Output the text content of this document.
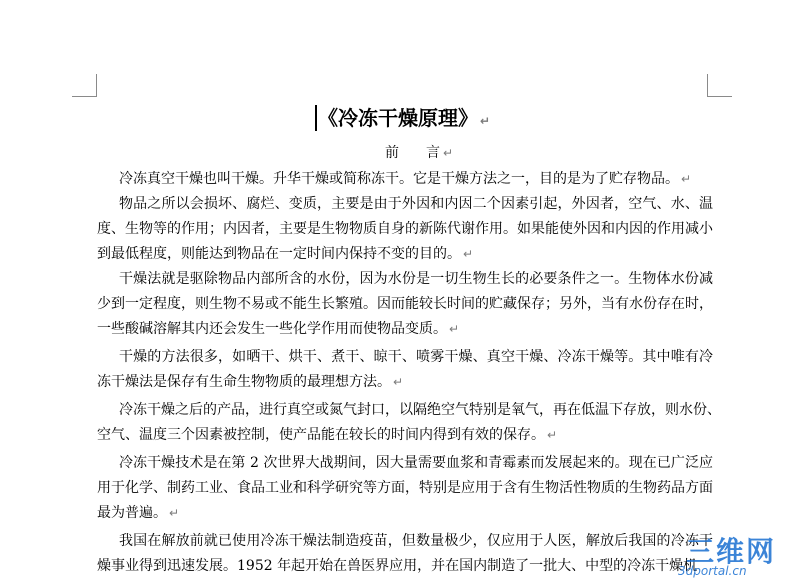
《冷冻干燥原理》 ↵
前 言 ↵
冷冻真空干燥也叫干燥。升华干燥或简称冻干。它是干燥方法之一，目的是为了贮存物品。 ↵
物品之所以会损坏、腐烂、变质，主要是由于外因和内因二个因素引起，外因者，空气、水、温
度、生物等的作用；内因者，主要是生物物质自身的新陈代谢作用。如果能使外因和内因的作用减小
到最低程度，则能达到物品在一定时间内保持不变的目的。 ↵
干燥法就是驱除物品内部所含的水份，因为水份是一切生物生长的必要条件之一。生物体水份减
少到一定程度，则生物不易或不能生长繁殖。因而能较长时间的贮藏保存；另外，当有水份存在时，
一些酸碱溶解其内还会发生一些化学作用而使物品变质。 ↵
干燥的方法很多，如晒干、烘干、煮干、晾干、喷雾干燥、真空干燥、冷冻干燥等。其中唯有冷
冻干燥法是保存有生命生物物质的最理想方法。 ↵
冷冻干燥之后的产品，进行真空或氮气封口，以隔绝空气特别是氧气，再在低温下存放，则水份、
空气、温度三个因素被控制，使产品能在较长的时间内得到有效的保存。 ↵
冷冻干燥技术是在第 2 次世界大战期间，因大量需要血浆和青霉素而发展起来的。现在已广泛应
用于化学、制药工业、食品工业和科学研究等方面，特别是应用于含有生物活性物质的生物药品方面
最为普遍。 ↵
我国在解放前就已使用冷冻干燥法制造疫苗，但数量极少，仅应用于人医，解放后我国的冷冻干
燥事业得到迅速发展。1952 年起开始在兽医界应用，并在国内制造了一批大、中型的冷冻干燥机
三维网
3dportal.cn
